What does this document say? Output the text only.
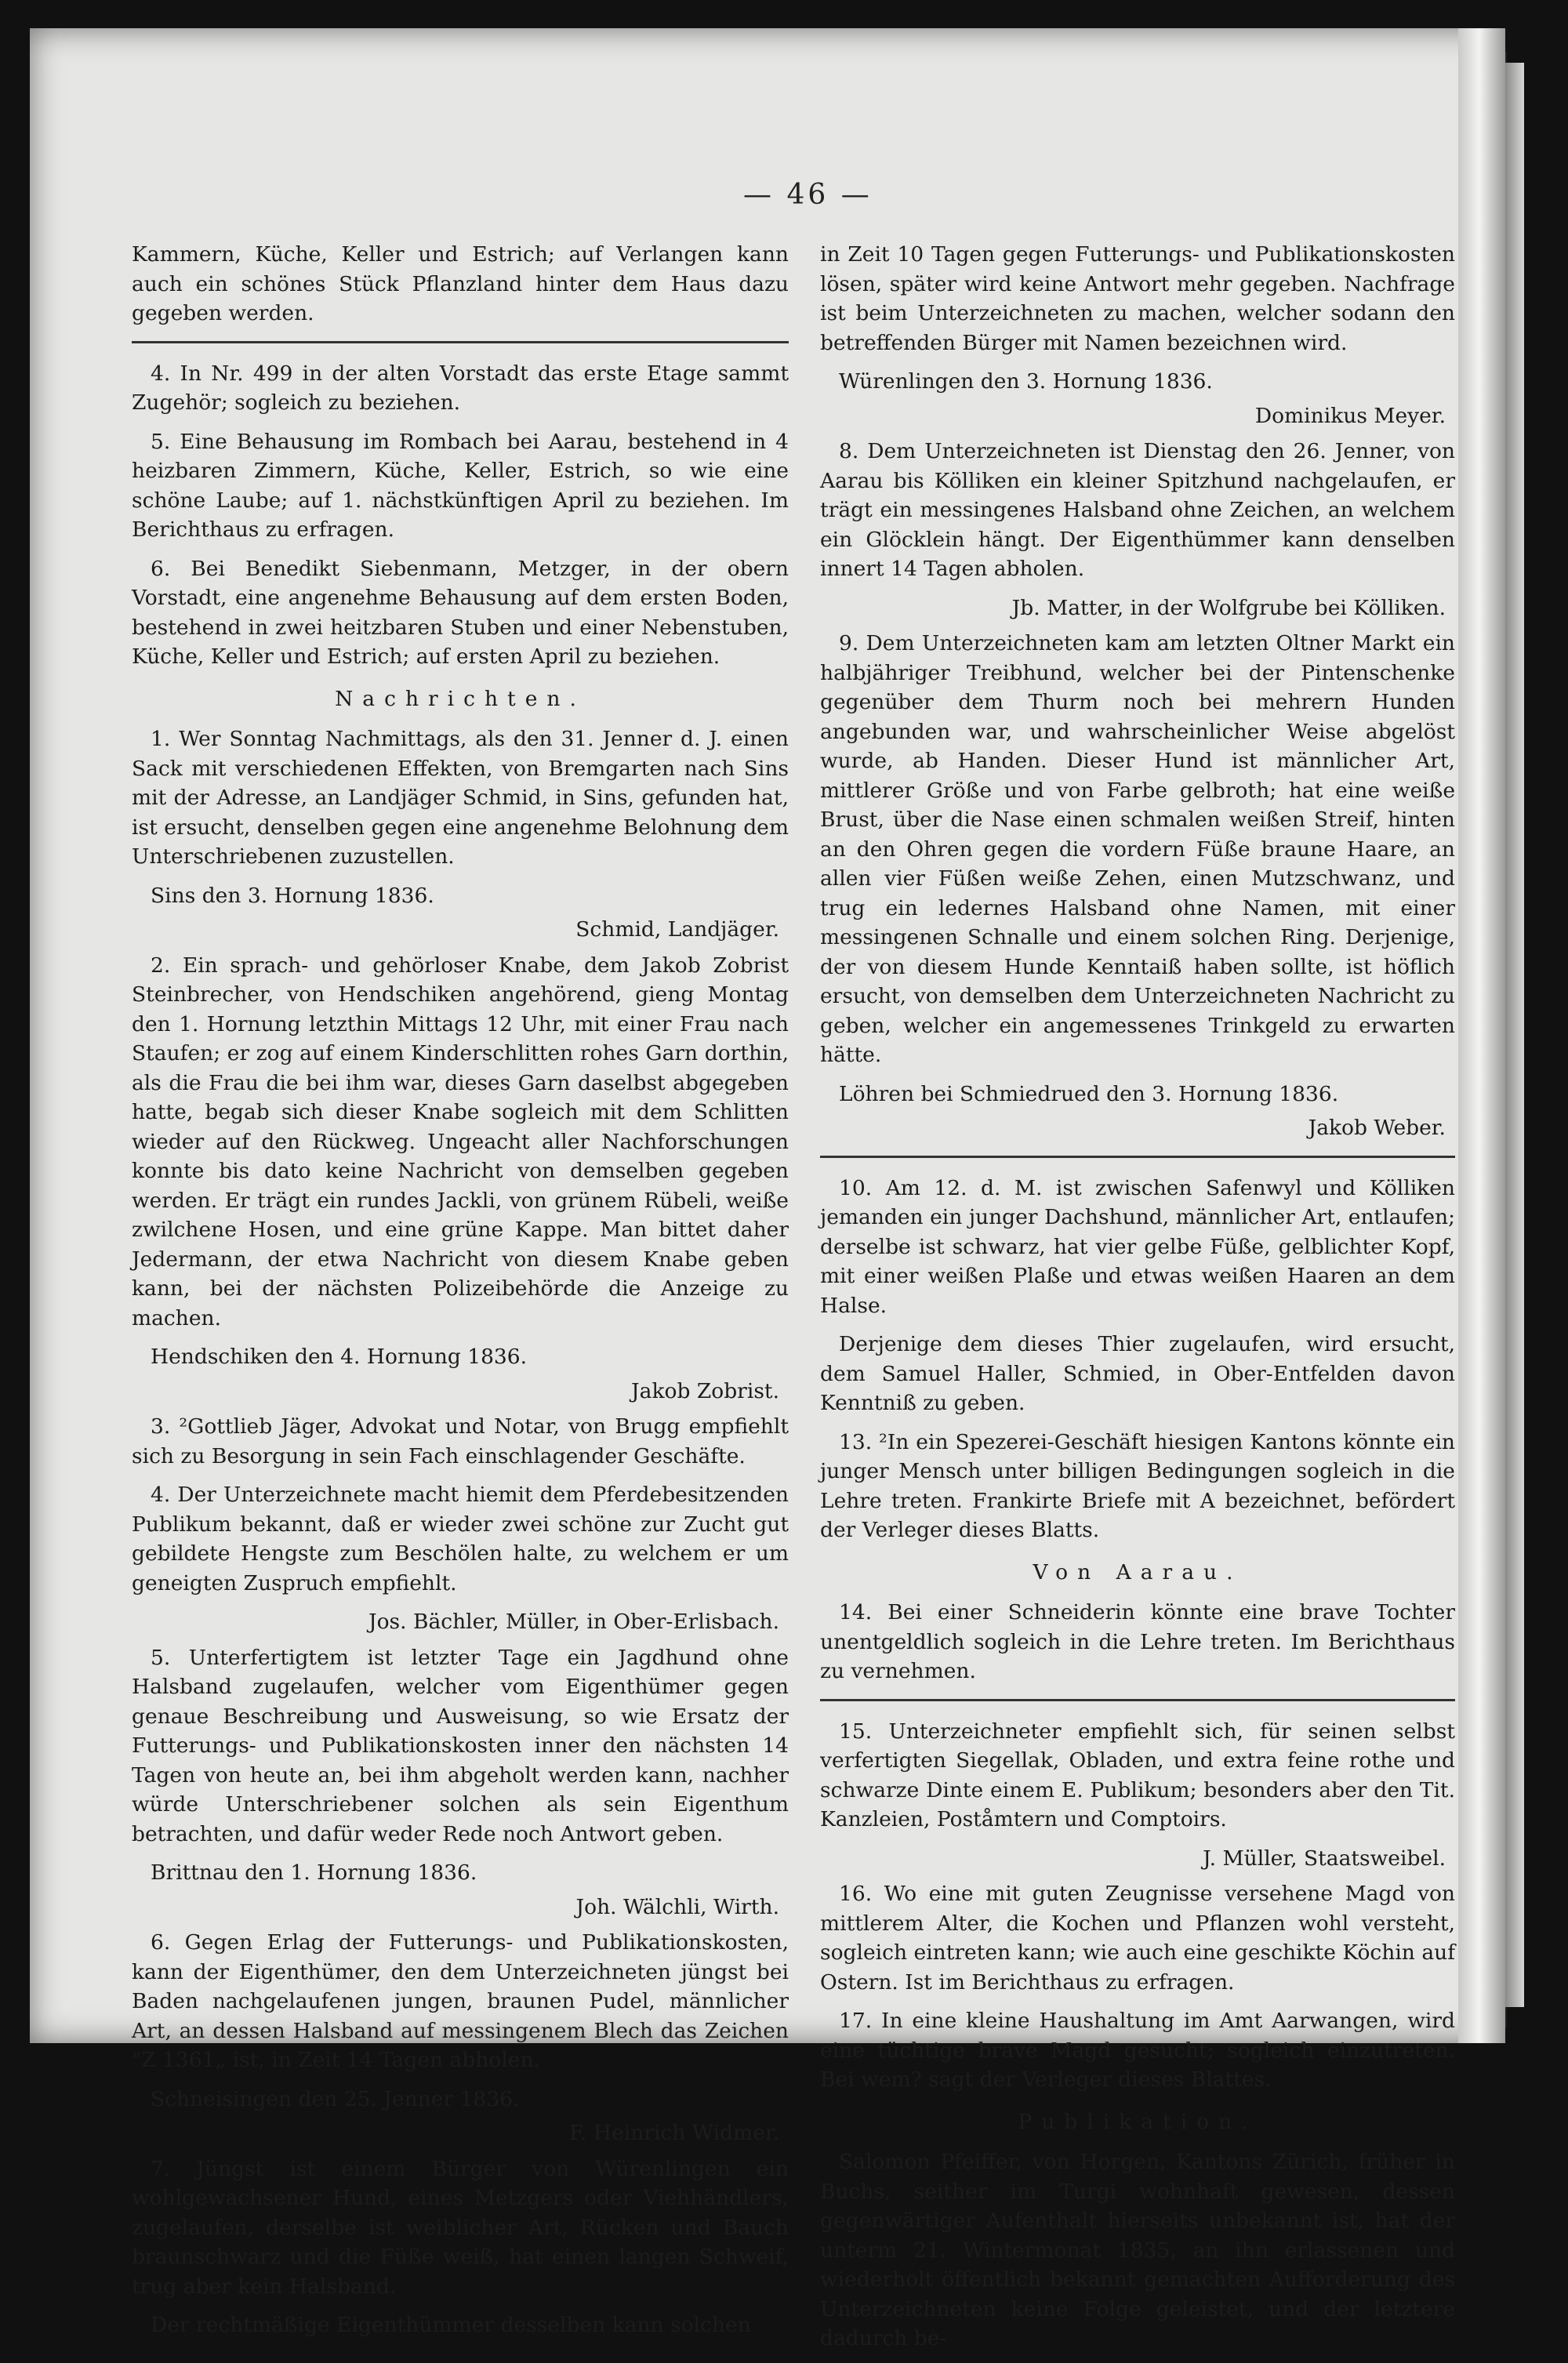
— 46 —

Kammern, Küche, Keller und Estrich; auf Verlangen kann auch ein schönes Stück Pflanzland hinter dem Haus dazu gegeben werden.

4. In Nr. 499 in der alten Vorstadt das erste Etage sammt Zugehör; sogleich zu beziehen.

5. Eine Behausung im Rombach bei Aarau, bestehend in 4 heizbaren Zimmern, Küche, Keller, Estrich, so wie eine schöne Laube; auf 1. nächstkünftigen April zu beziehen. Im Berichthaus zu erfragen.

6. Bei Benedikt Siebenmann, Metzger, in der obern Vorstadt, eine angenehme Behausung auf dem ersten Boden, bestehend in zwei heitzbaren Stuben und einer Nebenstuben, Küche, Keller und Estrich; auf ersten April zu beziehen.

Nachrichten.

1. Wer Sonntag Nachmittags, als den 31. Jenner d. J. einen Sack mit verschiedenen Effekten, von Bremgarten nach Sins mit der Adresse, an Landjäger Schmid, in Sins, gefunden hat, ist ersucht, denselben gegen eine angenehme Belohnung dem Unterschriebenen zuzustellen.

Sins den 3. Hornung 1836.
Schmid, Landjäger.

2. Ein sprach- und gehörloser Knabe, dem Jakob Zobrist Steinbrecher, von Hendschiken angehörend, gieng Montag den 1. Hornung letzthin Mittags 12 Uhr, mit einer Frau nach Staufen; er zog auf einem Kinderschlitten rohes Garn dorthin, als die Frau die bei ihm war, dieses Garn daselbst abgegeben hatte, begab sich dieser Knabe sogleich mit dem Schlitten wieder auf den Rückweg. Ungeacht aller Nachforschungen konnte bis dato keine Nachricht von demselben gegeben werden. Er trägt ein rundes Jackli, von grünem Rübeli, weiße zwilchene Hosen, und eine grüne Kappe. Man bittet daher Jedermann, der etwa Nachricht von diesem Knabe geben kann, bei der nächsten Polizeibehörde die Anzeige zu machen.

Hendschiken den 4. Hornung 1836.
Jakob Zobrist.

3. ²Gottlieb Jäger, Advokat und Notar, von Brugg empfiehlt sich zu Besorgung in sein Fach einschlagender Geschäfte.

4. Der Unterzeichnete macht hiemit dem Pferdebesitzenden Publikum bekannt, daß er wieder zwei schöne zur Zucht gut gebildete Hengste zum Beschölen halte, zu welchem er um geneigten Zuspruch empfiehlt.

Jos. Bächler, Müller, in Ober-Erlisbach.

5. Unterfertigtem ist letzter Tage ein Jagdhund ohne Halsband zugelaufen, welcher vom Eigenthümer gegen genaue Beschreibung und Ausweisung, so wie Ersatz der Futterungs- und Publikationskosten inner den nächsten 14 Tagen von heute an, bei ihm abgeholt werden kann, nachher würde Unterschriebener solchen als sein Eigenthum betrachten, und dafür weder Rede noch Antwort geben.

Brittnau den 1. Hornung 1836.
Joh. Wälchli, Wirth.

6. Gegen Erlag der Futterungs- und Publikationskosten, kann der Eigenthümer, den dem Unterzeichneten jüngst bei Baden nachgelaufenen jungen, braunen Pudel, männlicher Art, an dessen Halsband auf messingenem Blech das Zeichen "Z 1361„ ist, in Zeit 14 Tagen abholen.

Schneisingen den 25. Jenner 1836.
F. Heinrich Widmer.

7. Jüngst ist einem Bürger von Würenlingen ein wohlgewachsener Hund, eines Metzgers oder Viehhändlers, zugelaufen, derselbe ist weiblicher Art, Rücken und Bauch braunschwarz und die Füße weiß, hat einen langen Schweif, trug aber kein Halsband.

Der rechtmäßige Eigenthümmer desselben kann solchen

in Zeit 10 Tagen gegen Futterungs- und Publikationskosten lösen, später wird keine Antwort mehr gegeben. Nachfrage ist beim Unterzeichneten zu machen, welcher sodann den betreffenden Bürger mit Namen bezeichnen wird.

Würenlingen den 3. Hornung 1836.
Dominikus Meyer.

8. Dem Unterzeichneten ist Dienstag den 26. Jenner, von Aarau bis Kölliken ein kleiner Spitzhund nachgelaufen, er trägt ein messingenes Halsband ohne Zeichen, an welchem ein Glöcklein hängt. Der Eigenthümmer kann denselben innert 14 Tagen abholen.

Jb. Matter, in der Wolfgrube bei Kölliken.

9. Dem Unterzeichneten kam am letzten Oltner Markt ein halbjähriger Treibhund, welcher bei der Pintenschenke gegenüber dem Thurm noch bei mehrern Hunden angebunden war, und wahrscheinlicher Weise abgelöst wurde, ab Handen. Dieser Hund ist männlicher Art, mittlerer Größe und von Farbe gelbroth; hat eine weiße Brust, über die Nase einen schmalen weißen Streif, hinten an den Ohren gegen die vordern Füße braune Haare, an allen vier Füßen weiße Zehen, einen Mutzschwanz, und trug ein ledernes Halsband ohne Namen, mit einer messingenen Schnalle und einem solchen Ring. Derjenige, der von diesem Hunde Kenntaiß haben sollte, ist höflich ersucht, von demselben dem Unterzeichneten Nachricht zu geben, welcher ein angemessenes Trinkgeld zu erwarten hätte.

Löhren bei Schmiedrued den 3. Hornung 1836.
Jakob Weber.

10. Am 12. d. M. ist zwischen Safenwyl und Kölliken jemanden ein junger Dachshund, männlicher Art, entlaufen; derselbe ist schwarz, hat vier gelbe Füße, gelblichter Kopf, mit einer weißen Plaße und etwas weißen Haaren an dem Halse.

Derjenige dem dieses Thier zugelaufen, wird ersucht, dem Samuel Haller, Schmied, in Ober-Entfelden davon Kenntniß zu geben.

13. ²In ein Spezerei-Geschäft hiesigen Kantons könnte ein junger Mensch unter billigen Bedingungen sogleich in die Lehre treten. Frankirte Briefe mit A bezeichnet, befördert der Verleger dieses Blatts.

Von Aarau.

14. Bei einer Schneiderin könnte eine brave Tochter unentgeldlich sogleich in die Lehre treten. Im Berichthaus zu vernehmen.

15. Unterzeichneter empfiehlt sich, für seinen selbst verfertigten Siegellak, Obladen, und extra feine rothe und schwarze Dinte einem E. Publikum; besonders aber den Tit. Kanzleien, Poståmtern und Comptoirs.

J. Müller, Staatsweibel.

16. Wo eine mit guten Zeugnisse versehene Magd von mittlerem Alter, die Kochen und Pflanzen wohl versteht, sogleich eintreten kann; wie auch eine geschikte Köchin auf Ostern. Ist im Berichthaus zu erfragen.

17. In eine kleine Haushaltung im Amt Aarwangen, wird eine tüchtige brave Magd gesucht; sogleich einzutreten. Bei wem? sagt der Verleger dieses Blattes.

Publikation.

Salomon Pfeiffer, von Horgen, Kantons Zürich, früher in Buchs, seither im Turgi wohnhaft gewesen, dessen gegenwärtiger Aufenthalt hierseits unbekannt ist, hat der unterm 21. Wintermonat 1835, an ihn erlassenen und wiederholt öffentlich bekannt gemachten Aufforderung des Unterzeichneten keine Folge geleistet, und der letztere dadurch be-
